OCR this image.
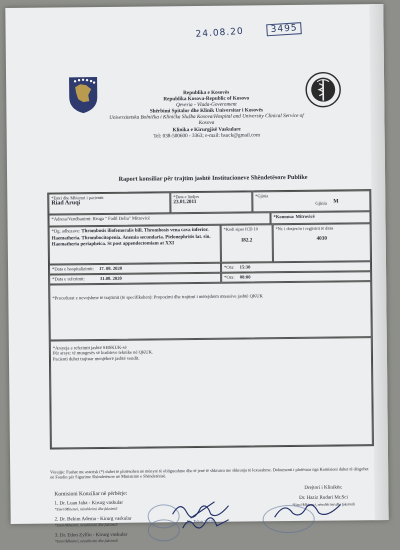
24.08.20	3495
Republika e Kosovës
Republika Kosova-Republic of Kosovo
Qeveria - Vlada-Government
Shërbimi Spitalor dhe Klinik Universitar i Kosovës
Univerzitetska Bolnička i Klinička Služba Kosova/Hospital and University Clinical Service of Kosova
Klinika e Kirurgjisë Vaskulare
Tel: 038-500600 - 3363; e-mail: hsuck@gmail.com
Raport konsiliar për trajtim jashtë Institucioneve Shëndetësore Publike
*Emri dhe Mbiemri i pacientit
Riad Aruqi
*Data e lindjes
23.01.2011
*Gjinia
Gjinia M
*Adresa/Vendbanimi: Rruga " Fadil Deliu" Mitrovicë	*Komuna: Mitrovicë
*Dg. adhezave: Thrombosis iliofemoralis bill. Thrombosis vena cava inferior. Haematheria. Thrombocitopenia. Anemia secundaria. Pielonephritis lat. sin. Haematheria periapheica. St post appendectomiam at XXI
*Kodi sipas ICD 10
I82.2
*Nr. i dosjes/nr i regjistrit të ditës
4030
*Data e hospitalizimit: 17. 08. 2020	*Ora: 15:30
*Data e referimit:	31.08. 2020	*Ora: 08:00
*Procedurat e nevojshme të trajtimit (të specifikohen): Propozimi dhe trajtimi i mëtejshëm mtensive jashtë QKUK
*Arsyeja e referimit jashtë SHSKUK-së
Për arsye: të mungesës së kushteve teknike në QKUK.
Pacienti duhet trajtuar menjëherë jashtë vendit.
Vërejtje: Fushat me asterisk (*) duhet të plotësohen në mënyrë të obligueshme dhe të jenë të shkruara me shkronja të lexueshme. Dokumenti i plotësuar nga Komisioni duhet të dërgohet në Fondin për Sigurime Shëndetësore në Ministrinë e Shëndetësisë.
Komisioni Konziliar në përbërje:
1. Dr. Luan Jaha - Kirurg vaskular
*Emri/Mbiemri, nënshkrimi dhe faksimili
2. Dr. Bekim Adema - Kirurg vaskular
*Emri/Mbiemri, nënshkrimi dhe faksimili
3. Dr. Edon Zylfiu - Kirurg vaskular
*Emri/Mbiemri, nënshkrimi dhe faksimili
Drejtori i Klinikës:
Dr. Haziz Rudari Mr.Sci
*Emri/Mbiemri, nënshkrimi dhe faksimili
Dr. Edon Zylfiu
